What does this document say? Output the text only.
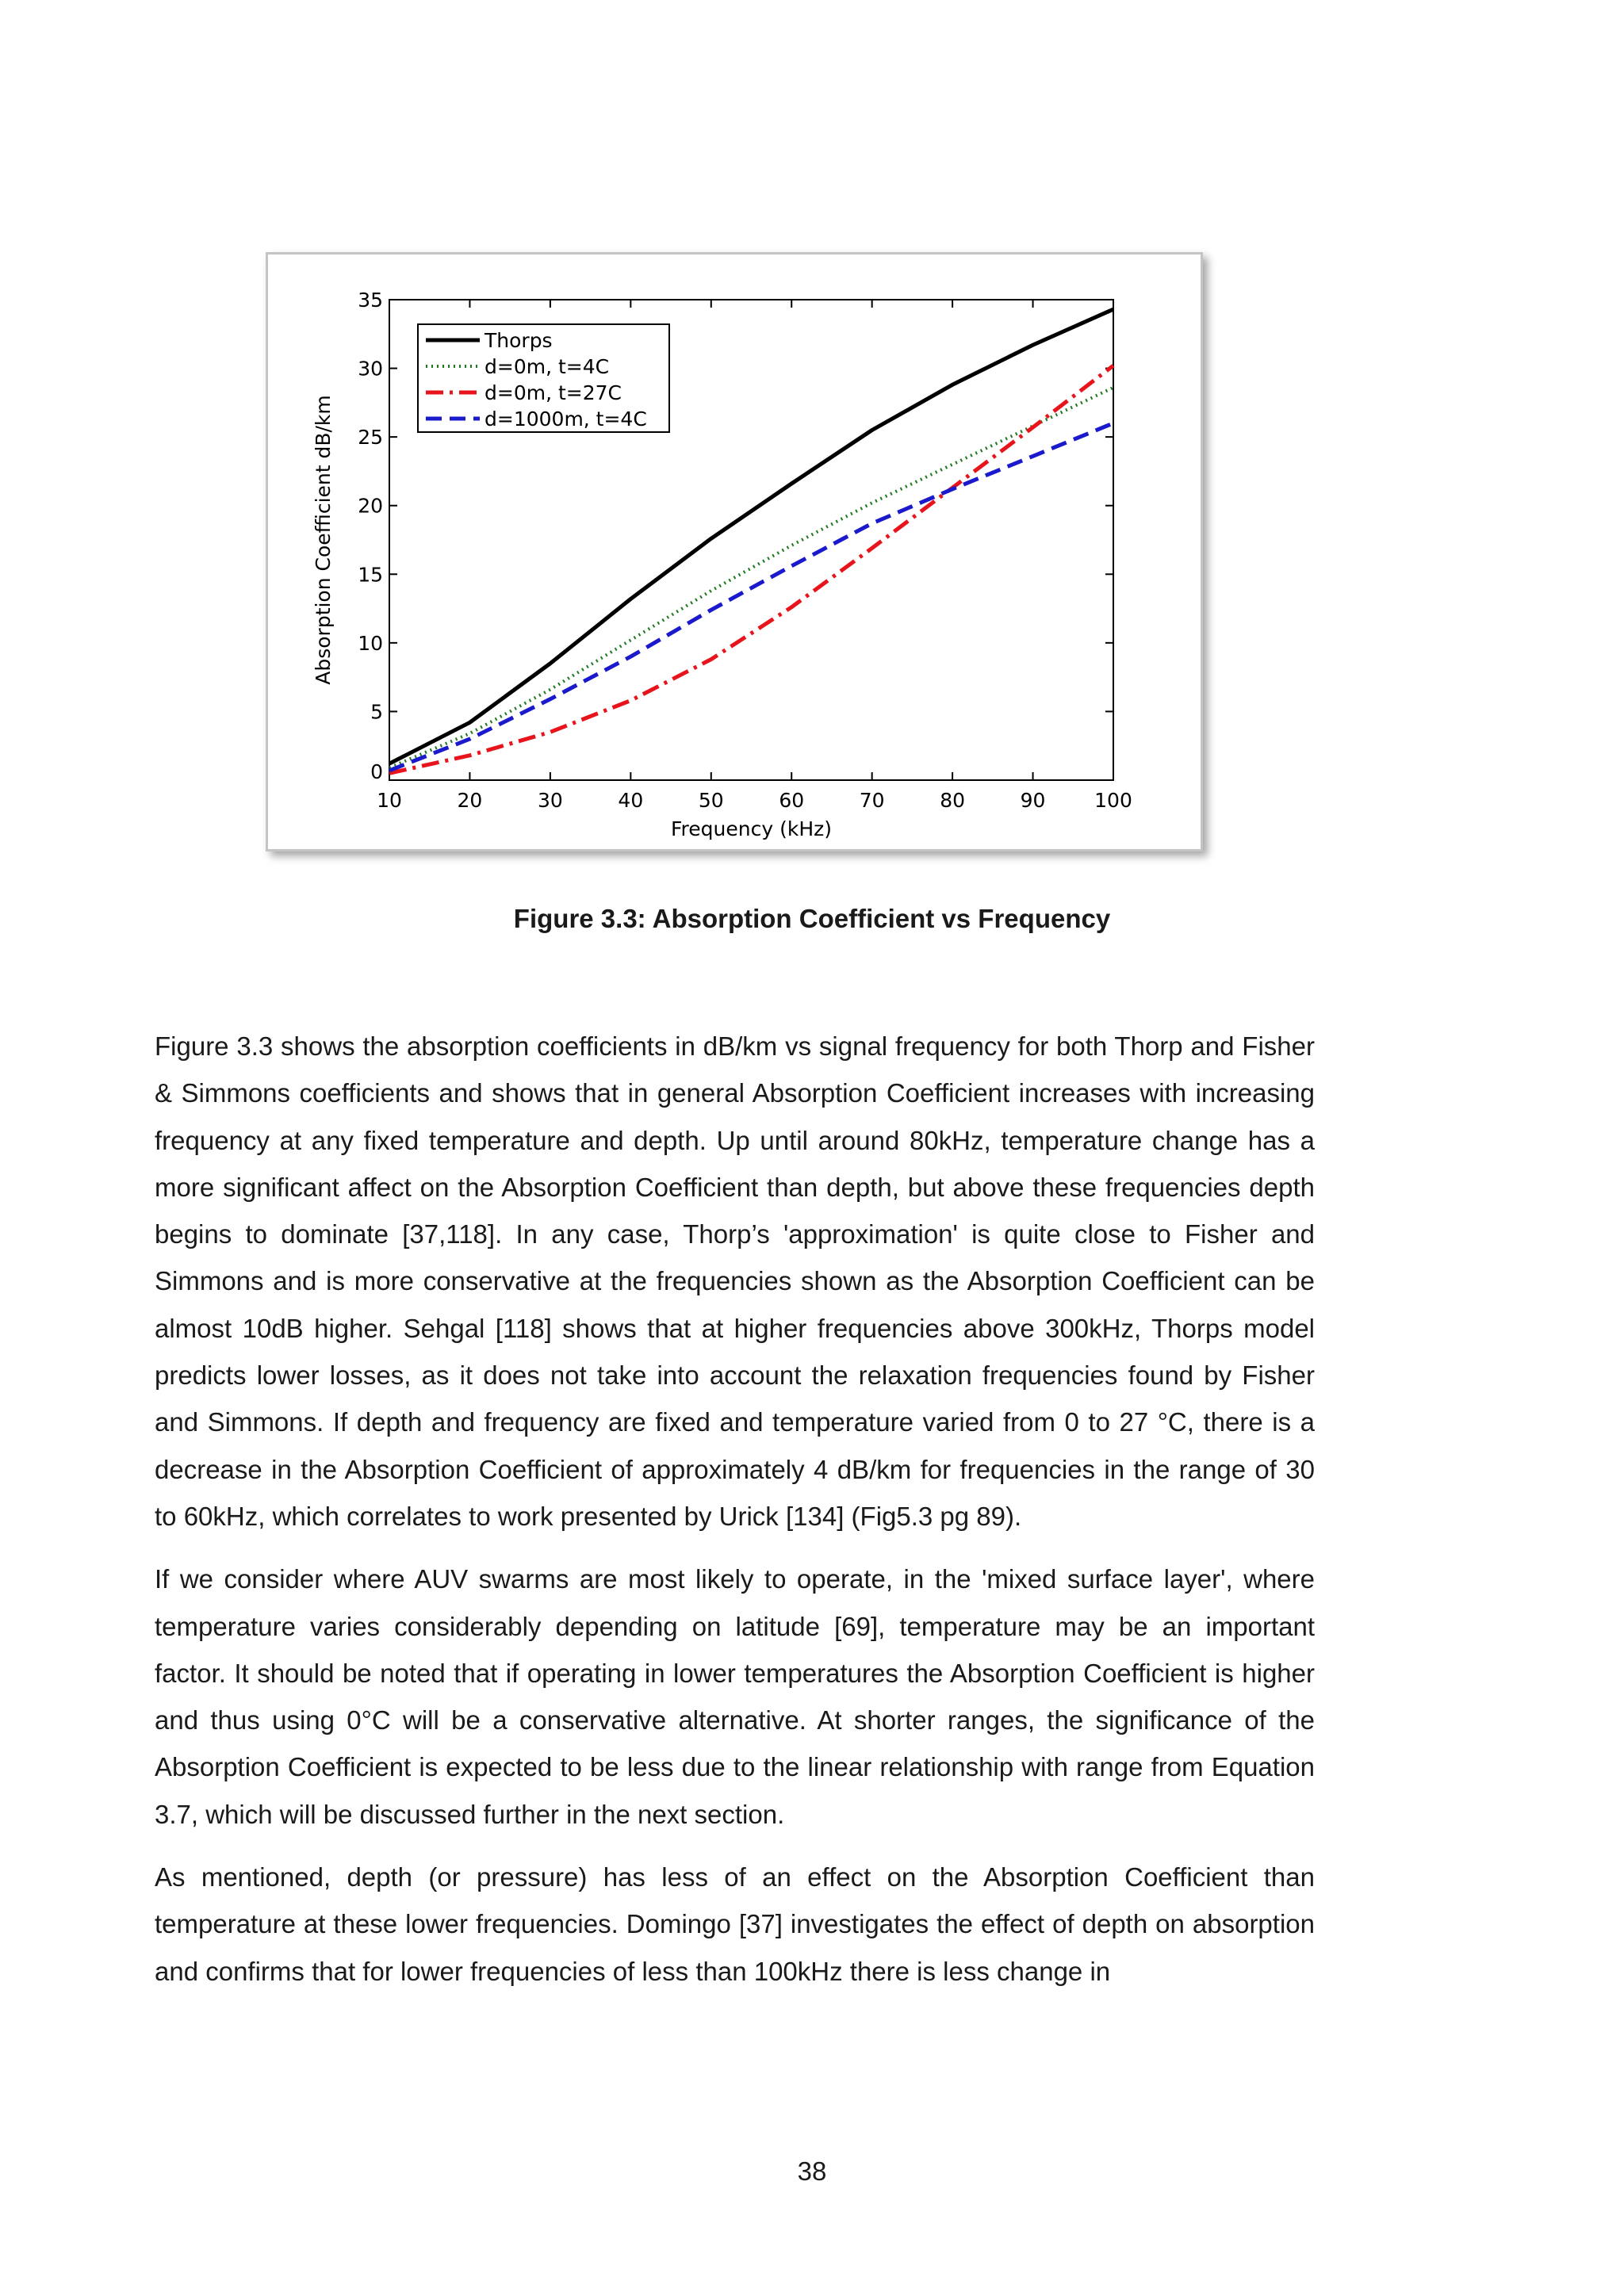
10	20	30	40	50	60	70	80	90 100
0
5
10
15
20
25
30
35
Frequency (kHz)
Absorption Coefficient dB/km
Thorps
d=0m, t=4C
d=0m, t=27C
d=1000m, t=4C
Figure 3.3: Absorption Coefficient vs Frequency

Figure 3.3 shows the absorption coefficients in dB/km vs signal frequency for both Thorp and Fisher & Simmons coefficients and shows that in general Absorption Coefficient increases with increasing frequency at any fixed temperature and depth. Up until around 80kHz, temperature change has a more significant affect on the Absorption Coefficient than depth, but above these frequencies depth begins to dominate [37,118]. In any case, Thorp’s 'approximation' is quite close to Fisher and Simmons and is more conservative at the frequencies shown as the Absorption Coefficient can be almost 10dB higher. Sehgal [118] shows that at higher frequencies above 300kHz, Thorps model predicts lower losses, as it does not take into account the relaxation frequencies found by Fisher and Simmons. If depth and frequency are fixed and temperature varied from 0 to 27 °C, there is a decrease in the Absorption Coefficient of approximately 4 dB/km for frequencies in the range of 30 to 60kHz, which correlates to work presented by Urick [134] (Fig5.3 pg 89).

If we consider where AUV swarms are most likely to operate, in the 'mixed surface layer', where temperature varies considerably depending on latitude [69], temperature may be an important factor. It should be noted that if operating in lower temperatures the Absorption Coefficient is higher and thus using 0°C will be a conservative alternative. At shorter ranges, the significance of the Absorption Coefficient is expected to be less due to the linear relationship with range from Equation 3.7, which will be discussed further in the next section.

As mentioned, depth (or pressure) has less of an effect on the Absorption Coefficient than temperature at these lower frequencies. Domingo [37] investigates the effect of depth on absorption and confirms that for lower frequencies of less than 100kHz there is less change in

38
